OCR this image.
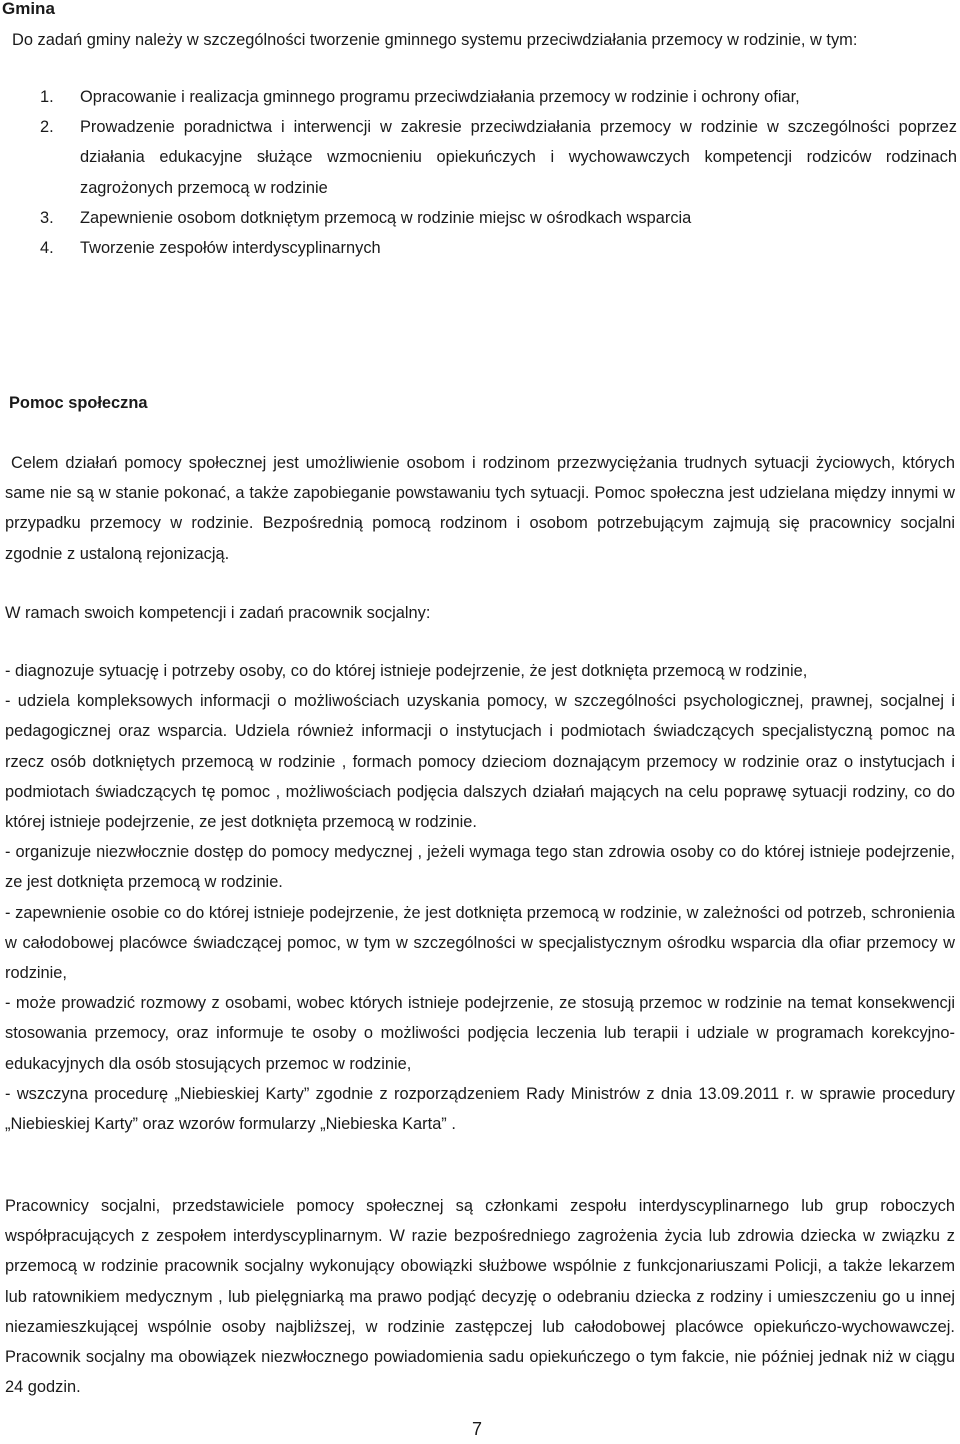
Gmina

Do zadań gminy należy w szczególności tworzenie gminnego systemu przeciwdziałania przemocy w rodzinie, w tym:

1. Opracowanie i realizacja gminnego programu przeciwdziałania przemocy w rodzinie i ochrony ofiar,
2. Prowadzenie poradnictwa i interwencji w zakresie przeciwdziałania przemocy w rodzinie w szczególności poprzez działania edukacyjne służące wzmocnieniu opiekuńczych i wychowawczych kompetencji rodziców rodzinach zagrożonych przemocą w rodzinie
3. Zapewnienie osobom dotkniętym przemocą w rodzinie miejsc w ośrodkach wsparcia
4. Tworzenie zespołów interdyscyplinarnych
Pomoc społeczna

Celem działań pomocy społecznej jest umożliwienie osobom i rodzinom przezwyciężania trudnych sytuacji życiowych, których same nie są w stanie pokonać, a także zapobieganie powstawaniu tych sytuacji. Pomoc społeczna jest udzielana między innymi w przypadku przemocy w rodzinie. Bezpośrednią pomocą rodzinom i osobom potrzebującym zajmują się pracownicy socjalni zgodnie z ustaloną rejonizacją.

W ramach swoich kompetencji i zadań pracownik socjalny:

- diagnozuje sytuację i potrzeby osoby, co do której istnieje podejrzenie, że jest dotknięta przemocą w rodzinie,
- udziela kompleksowych informacji o możliwościach uzyskania pomocy, w szczególności psychologicznej, prawnej, socjalnej i pedagogicznej oraz wsparcia. Udziela również informacji o instytucjach i podmiotach świadczących specjalistyczną pomoc na rzecz osób dotkniętych przemocą w rodzinie , formach pomocy dzieciom doznającym przemocy w rodzinie oraz o instytucjach i podmiotach świadczących tę pomoc , możliwościach podjęcia dalszych działań mających na celu poprawę sytuacji rodziny, co do której istnieje podejrzenie, ze jest dotknięta przemocą w rodzinie.
- organizuje niezwłocznie dostęp do pomocy medycznej , jeżeli wymaga tego stan zdrowia osoby co do której istnieje podejrzenie, ze jest dotknięta przemocą w rodzinie.
- zapewnienie osobie co do której istnieje podejrzenie, że jest dotknięta przemocą w rodzinie, w zależności od potrzeb, schronienia w całodobowej placówce świadczącej pomoc, w tym w szczególności w specjalistycznym ośrodku wsparcia dla ofiar przemocy w rodzinie,
- może prowadzić rozmowy z osobami, wobec których istnieje podejrzenie, ze stosują przemoc w rodzinie na temat konsekwencji stosowania przemocy, oraz informuje te osoby o możliwości podjęcia leczenia lub terapii i udziale w programach korekcyjno-edukacyjnych dla osób stosujących przemoc w rodzinie,
- wszczyna procedurę „Niebieskiej Karty” zgodnie z rozporządzeniem Rady Ministrów z dnia 13.09.2011 r. w sprawie procedury „Niebieskiej Karty” oraz wzorów formularzy „Niebieska Karta” .

Pracownicy socjalni, przedstawiciele pomocy społecznej są członkami zespołu interdyscyplinarnego lub grup roboczych współpracujących z zespołem interdyscyplinarnym. W razie bezpośredniego zagrożenia życia lub zdrowia dziecka w związku z przemocą w rodzinie pracownik socjalny wykonujący obowiązki służbowe wspólnie z funkcjonariuszami Policji, a także lekarzem lub ratownikiem medycznym , lub pielęgniarką ma prawo podjąć decyzję o odebraniu dziecka z rodziny i umieszczeniu go u innej niezamieszkującej wspólnie osoby najbliższej, w rodzinie zastępczej lub całodobowej placówce opiekuńczo-wychowawczej. Pracownik socjalny ma obowiązek niezwłocznego powiadomienia sadu opiekuńczego o tym fakcie, nie później jednak niż w ciągu 24 godzin.

7
